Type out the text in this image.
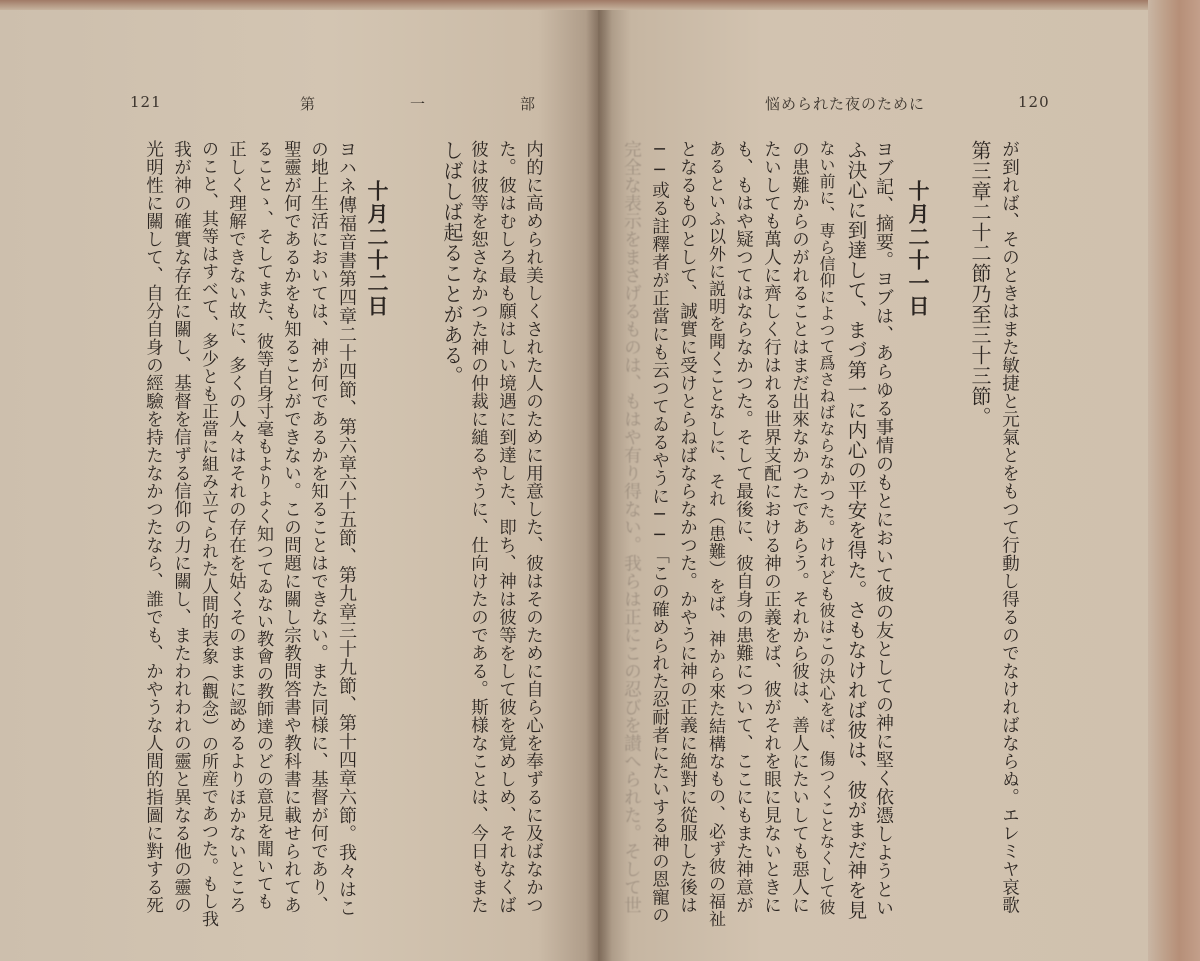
121	第　一　部	悩められた夜のために	120
光明性に關して、自分自身の經驗を持たなかつたなら、誰でも、かやうな人間的指圖に對する死 我が神の確實な存在に關し、基督を信ずる信仰の力に關し、またわれわれの靈と異なる他の靈の のこと、其等はすべて、多少とも正當に組み立てられた人間的表象（觀念）の所産であつた。もし我 正しく理解できない故に、多くの人々はそれの存在を姑くそのままに認めるよりほかないところ ることゝ、そしてまた、彼等自身寸毫もよりよく知つてゐない教會の教師達のどの意見を聞いても 聖靈が何であるかをも知ることができない。この問題に關し宗教問答書や教科書に載せられてあ の地上生活においては、神が何であるかを知ることはできない。また同様に、基督が何であり、 ヨハネ傳福音書第四章二十四節、第六章六十五節、第九章三十九節、第十四章六節。我々はこ 十月二十二日	しばしば起ることがある。 彼は彼等を恕さなかつた神の仲裁に縋るやうに、仕向けたのである。斯様なことは、今日もまた た。彼はむしろ最も願はしい境遇に到達した、即ち、神は彼等をして彼を覚めしめ、それなくば 内的に高められ美しくされた人のために用意した、彼はそのために自ら心を奉ずるに及ばなかつ	完全な表示をまさげるものは、もはや有り得ない。我らは正にこの忍びを讃へられた。そして世 ──或る註釋者が正當にも云つてゐるやうに──「この確められた忍耐者にたいする神の恩寵の となるものとして、誠實に受けとらねばならなかつた。かやうに神の正義に絶對に從服した後は あるといふ以外に説明を聞くことなしに、それ（患難）をば、神から來た結構なもの、必ず彼の福祉 も、もはや疑つてはならなかつた。そして最後に、彼自身の患難について、ここにもまた神意が たいしても萬人に齊しく行はれる世界支配における神の正義をば、彼がそれを眼に見ないときに の患難からのがれることはまだ出來なかつたであらう。それから彼は、善人にたいしても惡人に ない前に、専ら信仰によつて爲さねばならなかつた。けれども彼はこの決心をば、傷つくことなくして彼 ふ決心に到達して、まづ第一に内心の平安を得た。さもなければ彼は、彼がまだ神を見 ヨブ記、摘要。ヨブは、あらゆる事情のもとにおいて彼の友としての神に堅く依憑しようとい 十月二十一日 第三章二十二節乃至三十三節。 が到れば、そのときはまた敏捷と元氣とをもつて行動し得るのでなければならぬ。エレミヤ哀歌
